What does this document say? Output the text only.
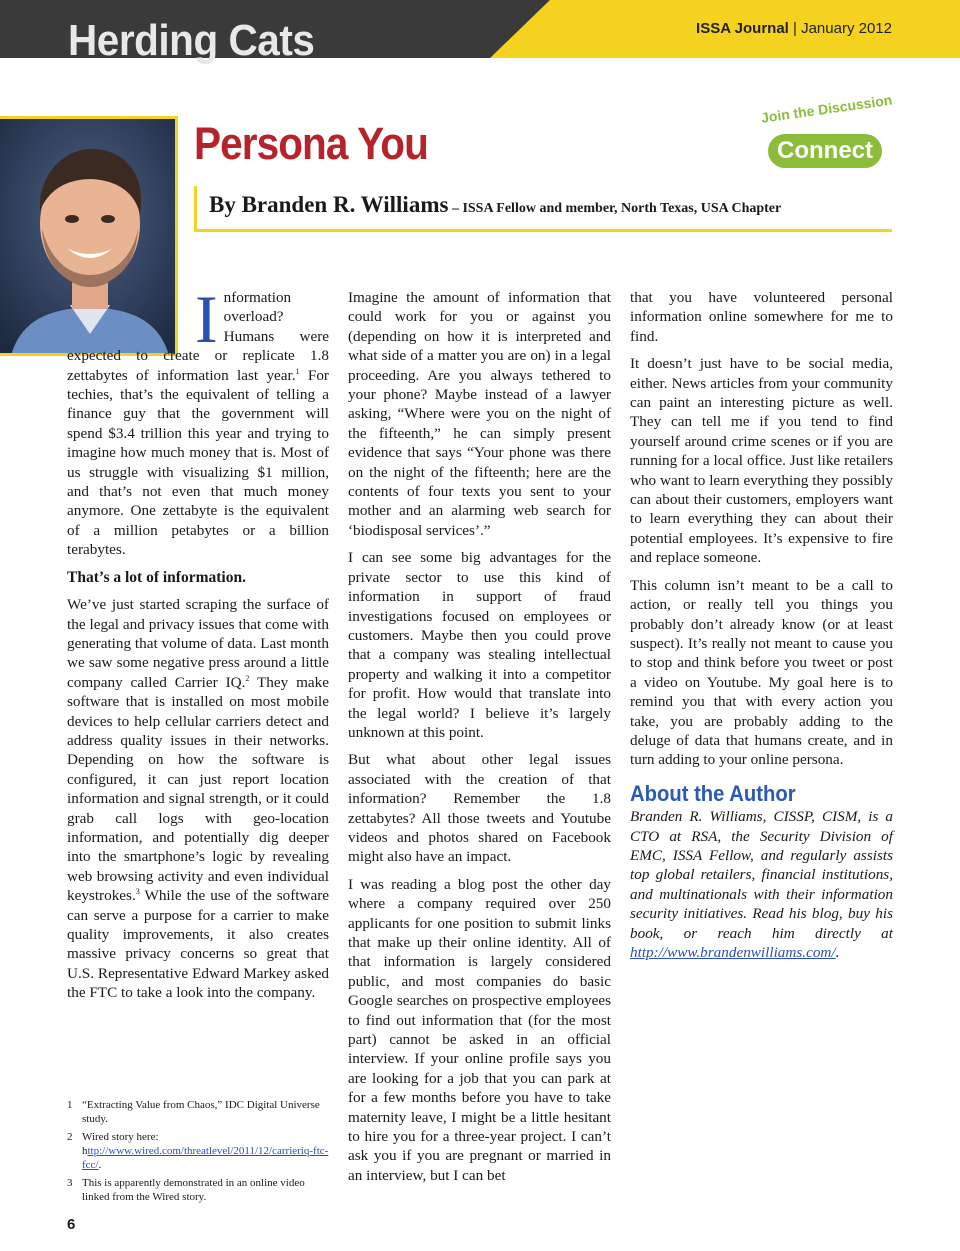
Herding Cats	ISSA Journal | January 2012
Persona You
Join the Discussion
Connect
By Branden R. Williams – ISSA Fellow and member, North Texas, USA Chapter

Information overload? Humans were expected to create or replicate 1.8 zettabytes of information last year.$^1$ For techies, that’s the equivalent of telling a finance guy that the government will spend $3.4 trillion this year and trying to imagine how much money that is. Most of us struggle with visualizing $1 million, and that’s not even that much money anymore. One zettabyte is the equivalent of a million petabytes or a billion terabytes.

That’s a lot of information.

We’ve just started scraping the surface of the legal and privacy issues that come with generating that volume of data. Last month we saw some negative press around a little company called Carrier IQ.$^2$ They make software that is installed on most mobile devices to help cellular carriers detect and address quality issues in their networks. Depending on how the software is configured, it can just report location information and signal strength, or it could grab call logs with geo-location information, and potentially dig deeper into the smartphone’s logic by revealing web browsing activity and even individual keystrokes.$^3$ While the use of the software can serve a purpose for a carrier to make quality improvements, it also creates massive privacy concerns so great that U.S. Representative Edward Markey asked the FTC to take a look into the company.

Imagine the amount of information that could work for you or against you (depending on how it is interpreted and what side of a matter you are on) in a legal proceeding. Are you always tethered to your phone? Maybe instead of a lawyer asking, “Where were you on the night of the fifteenth,” he can simply present evidence that says “Your phone was there on the night of the fifteenth; here are the contents of four texts you sent to your mother and an alarming web search for ‘biodisposal services’.”

I can see some big advantages for the private sector to use this kind of information in support of fraud investigations focused on employees or customers. Maybe then you could prove that a company was stealing intellectual property and walking it into a competitor for profit. How would that translate into the legal world? I believe it’s largely unknown at this point.

But what about other legal issues associated with the creation of that information? Remember the 1.8 zettabytes? All those tweets and Youtube videos and photos shared on Facebook might also have an impact.

I was reading a blog post the other day where a company required over 250 applicants for one position to submit links that make up their online identity. All of that information is largely considered public, and most companies do basic Google searches on prospective employees to find out information that (for the most part) cannot be asked in an official interview. If your online profile says you are looking for a job that you can park at for a few months before you have to take maternity leave, I might be a little hesitant to hire you for a three-year project. I can’t ask you if you are pregnant or married in an interview, but I can bet

that you have volunteered personal information online somewhere for me to find.

It doesn’t just have to be social media, either. News articles from your community can paint an interesting picture as well. They can tell me if you tend to find yourself around crime scenes or if you are running for a local office. Just like retailers who want to learn everything they possibly can about their customers, employers want to learn everything they can about their potential employees. It’s expensive to fire and replace someone.

This column isn’t meant to be a call to action, or really tell you things you probably don’t already know (or at least suspect). It’s really not meant to cause you to stop and think before you tweet or post a video on Youtube. My goal here is to remind you that with every action you take, you are probably adding to the deluge of data that humans create, and in turn adding to your online persona.

About the Author

Branden R. Williams, CISSP, CISM, is a CTO at RSA, the Security Division of EMC, ISSA Fellow, and regularly assists top global retailers, financial institutions, and multinationals with their information security initiatives. Read his blog, buy his book, or reach him directly at http://www.brandenwilliams.com/.

1 “Extracting Value from Chaos,” IDC Digital Universe study.
2 Wired story here: http://www.wired.com/threatlevel/2011/12/carrieriq-ftc-fcc/.
3 This is apparently demonstrated in an online video linked from the Wired story.
6
